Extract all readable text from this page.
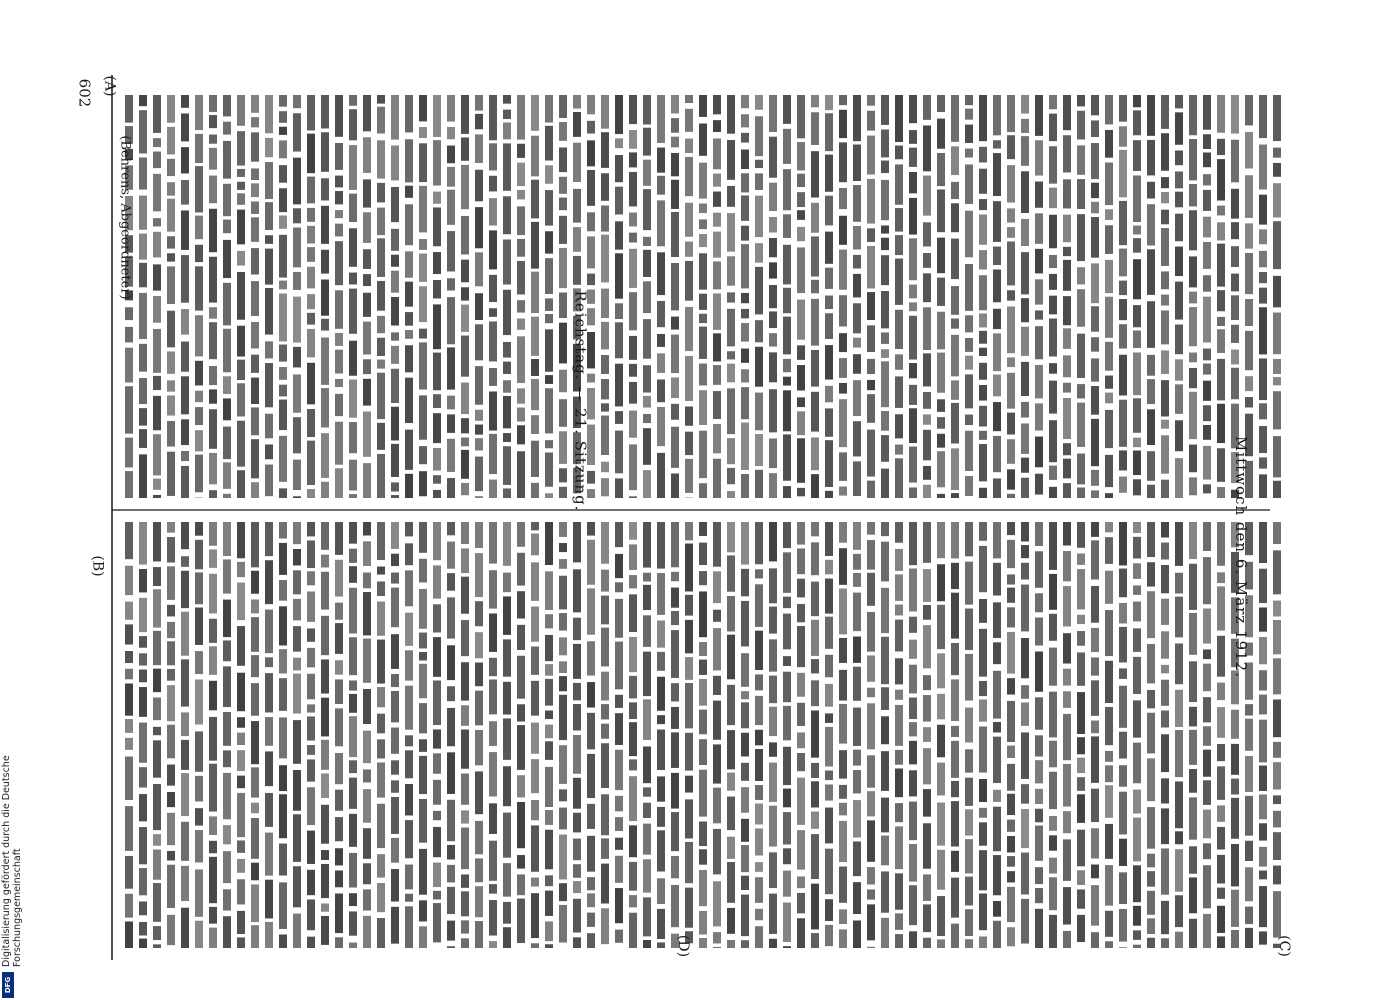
602
(Behrens, Abgeordneter)
Reichstag. — 21. Sitzung.
Mittwoch den 6. März 1912.
(A)
(B)
(C)
(D)
Digitalisierung gefördert durch die Deutsche Forschungsgemeinschaft
DFG
